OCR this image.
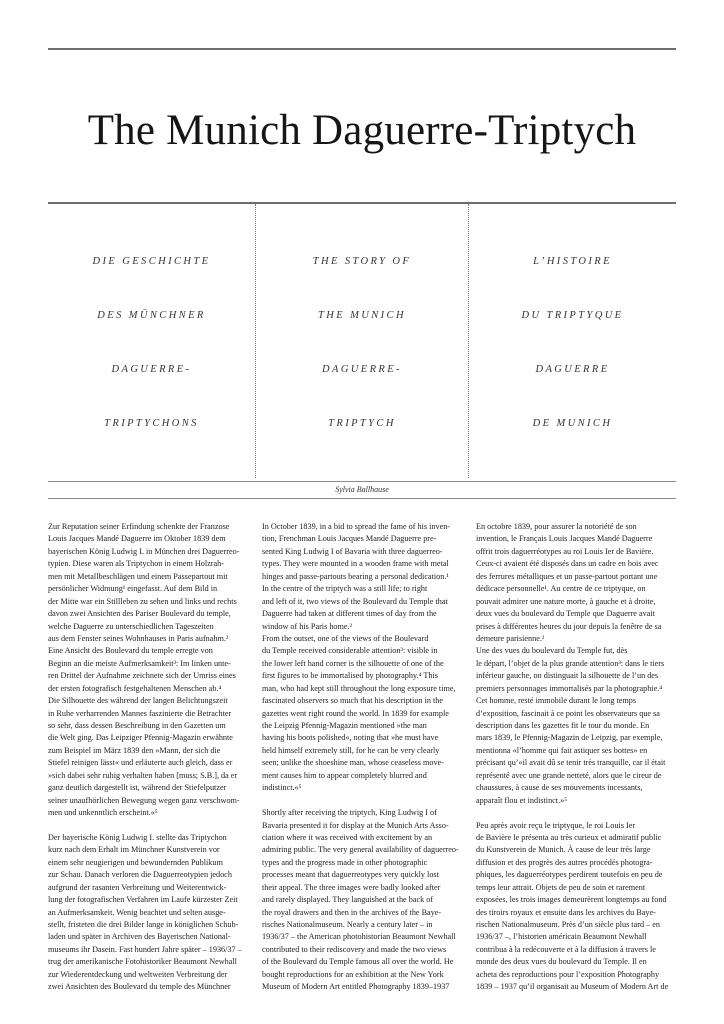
The Munich Daguerre-Triptych
DIE GESCHICHTE
DES MÜNCHNER
DAGUERRE-
TRIPTYCHONS
THE STORY OF
THE MUNICH
DAGUERRE-
TRIPTYCH
L’HISTOIRE
DU TRIPTYQUE
DAGUERRE
DE MUNICH
Sylvia Ballhause

Zur Reputation seiner Erfindung schenkte der Franzose
Louis Jacques Mandé Daguerre im Oktober 1839 dem
bayerischen König Ludwig I. in München drei Daguerreo-
typien. Diese waren als Triptychon in einem Holzrah-
men mit Metallbeschlägen und einem Passepartout mit
persönlicher Widmung¹ eingefasst. Auf dem Bild in
der Mitte war ein Stillleben zu sehen und links und rechts
davon zwei Ansichten des Pariser Boulevard du temple,
welche Daguerre zu unterschiedlichen Tageszeiten
aus dem Fenster seines Wohnhauses in Paris aufnahm.²
Eine Ansicht des Boulevard du temple erregte von
Beginn an die meiste Aufmerksamkeit³: Im linken unte-
ren Drittel der Aufnahme zeichnete sich der Umriss eines
der ersten fotografisch festgehaltenen Menschen ab.⁴
Die Silhouette des während der langen Belichtungszeit
in Ruhe verharrenden Mannes faszinierte die Betrachter
so sehr, dass dessen Beschreibung in den Gazetten um
die Welt ging. Das Leipziger Pfennig-Magazin erwähnte
zum Beispiel im März 1839 den »Mann, der sich die
Stiefel reinigen lässt« und erläuterte auch gleich, dass er
»sich dabei sehr ruhig verhalten haben [muss; S.B.], da er
ganz deutlich dargestellt ist, während der Stiefelputzer
seiner unaufhörlichen Bewegung wegen ganz verschwom-
men und unkenntlich erscheint.«⁵
Der bayerische König Ludwig I. stellte das Triptychon
kurz nach dem Erhalt im Münchner Kunstverein vor
einem sehr neugierigen und bewundernden Publikum
zur Schau. Danach verloren die Daguerreotypien jedoch
aufgrund der rasanten Verbreitung und Weiterentwick-
lung der fotografischen Verfahren im Laufe kürzester Zeit
an Aufmerksamkeit. Wenig beachtet und selten ausge-
stellt, fristeten die drei Bilder lange in königlichen Schub-
laden und später in Archiven des Bayerischen National-
museums ihr Dasein. Fast hundert Jahre später – 1936/37 –
trug der amerikanische Fotohistoriker Beaumont Newhall
zur Wiederentdeckung und weltweiten Verbreitung der
zwei Ansichten des Boulevard du temple des Münchner

In October 1839, in a bid to spread the fame of his inven-
tion, Frenchman Louis Jacques Mandé Daguerre pre-
sented King Ludwig I of Bavaria with three daguerreo-
types. They were mounted in a wooden frame with metal
hinges and passe-partouts bearing a personal dedication.¹
In the centre of the triptych was a still life; to right
and left of it, two views of the Boulevard du Temple that
Daguerre had taken at different times of day from the
window of his Paris home.²
From the outset, one of the views of the Boulevard
du Temple received considerable attention³: visible in
the lower left hand corner is the silhouette of one of the
first figures to be immortalised by photography.⁴ This
man, who had kept still throughout the long exposure time,
fascinated observers so much that his description in the
gazettes went right round the world. In 1839 for example
the Leipzig Pfennig-Magazin mentioned »the man
having his boots polished«, noting that »he must have
held himself extremely still, for he can be very clearly
seen; unlike the shoeshine man, whose ceaseless move-
ment causes him to appear completely blurred and
indistinct.«⁵
Shortly after receiving the triptych, King Ludwig I of
Bavaria presented it for display at the Munich Arts Asso-
ciation where it was received with excitement by an
admiring public. The very general availability of daguerreo-
types and the progress made in other photographic
processes meant that daguerreotypes very quickly lost
their appeal. The three images were badly looked after
and rarely displayed. They languished at the back of
the royal drawers and then in the archives of the Baye-
risches Nationalmuseum. Nearly a century later – in
1936/37 – the American photohistorian Beaumont Newhall
contributed to their rediscovery and made the two views
of the Boulevard du Temple famous all over the world. He
bought reproductions for an exhibition at the New York
Museum of Modern Art entitled Photography 1839–1937

En octobre 1839, pour assurer la notoriété de son
invention, le Français Louis Jacques Mandé Daguerre
offrit trois daguerréotypes au roi Louis Ier de Bavière.
Ceux-ci avaient été disposés dans un cadre en bois avec
des ferrures métalliques et un passe-partout portant une
dédicace personnelle¹. Au centre de ce triptyque, on
pouvait admirer une nature morte, à gauche et à droite,
deux vues du boulevard du Temple que Daguerre avait
prises à différentes heures du jour depuis la fenêtre de sa
demeure parisienne.²
Une des vues du boulevard du Temple fut, dès
le départ, l’objet de la plus grande attention³: dans le tiers
inférieur gauche, on distinguait la silhouette de l’un des
premiers personnages immortalisés par la photographie.⁴
Cet homme, resté immobile durant le long temps
d’exposition, fascinait à ce point les observateurs que sa
description dans les gazettes fit le tour du monde. En
mars 1839, le Pfennig-Magazin de Leipzig, par exemple,
mentionna «l’homme qui fait astiquer ses bottes» en
précisant qu’«il avait dû se tenir très tranquille, car il était
représenté avec une grande netteté, alors que le cireur de
chaussures, à cause de ses mouvements incessants,
apparaît flou et indistinct.»⁵
Peu après avoir reçu le triptyque, le roi Louis Ier
de Bavière le présenta au très curieux et admiratif public
du Kunstverein de Munich. À cause de leur très large
diffusion et des progrès des autres procédés photogra-
phiques, les daguerréotypes perdirent toutefois en peu de
temps leur attrait. Objets de peu de soin et rarement
exposées, les trois images demeurèrent longtemps au fond
des tiroirs royaux et ensuite dans les archives du Baye-
rischen Nationalmuseum. Près d’un siècle plus tard – en
1936/37 –, l’historien américain Beaumont Newhall
contribua à la redécouverte et à la diffusion à travers le
monde des deux vues du boulevard du Temple. Il en
acheta des reproductions pour l’exposition Photography
1839 – 1937 qu’il organisait au Museum of Modern Art de
